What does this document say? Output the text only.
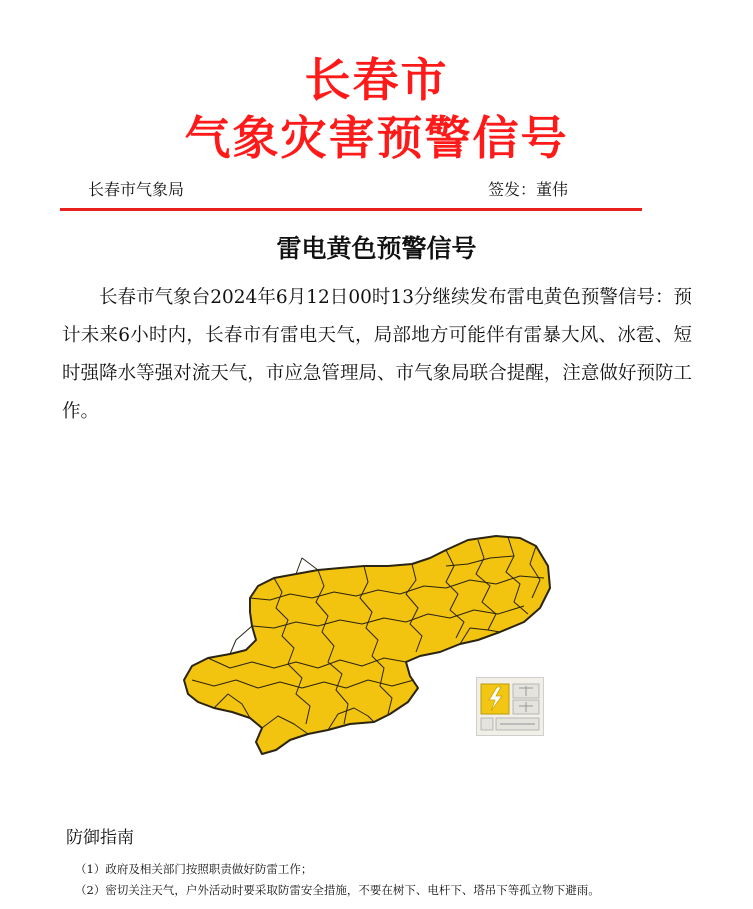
长春市
气象灾害预警信号
长春市气象局	签发：董伟
雷电黄色预警信号
长春市气象台2024年6月12日00时13分继续发布雷电黄色预警信号：预计未来6小时内，长春市有雷电天气，局部地方可能伴有雷暴大风、冰雹、短时强降水等强对流天气，市应急管理局、市气象局联合提醒，注意做好预防工作。
防御指南
（1）政府及相关部门按照职责做好防雷工作；
（2）密切关注天气，户外活动时要采取防雷安全措施，不要在树下、电杆下、塔吊下等孤立物下避雨。
